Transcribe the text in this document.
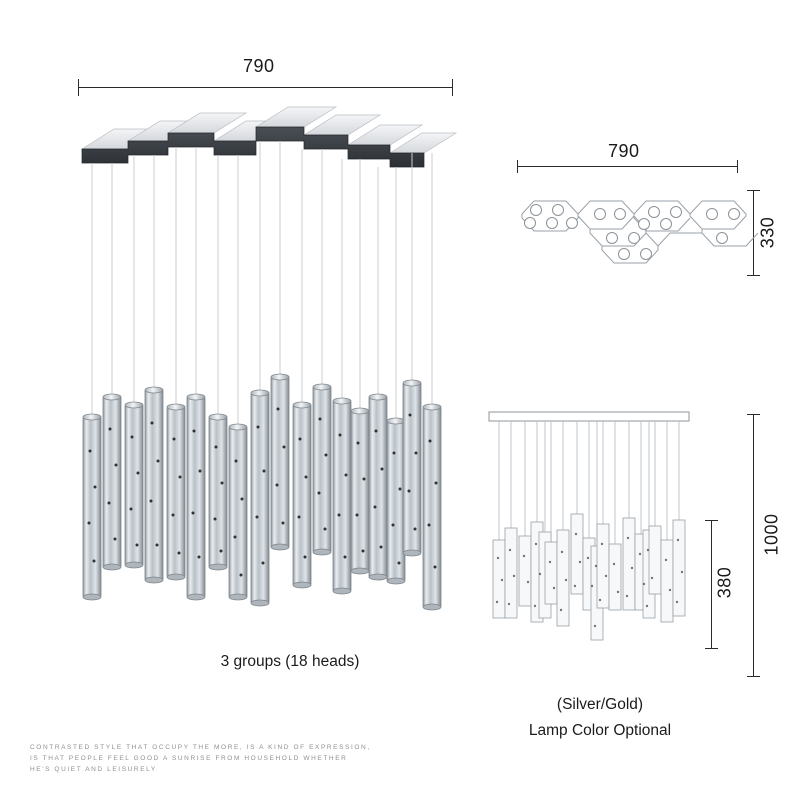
790
3 groups (18 heads)
790
330
380
1000
(Silver/Gold)
Lamp Color Optional
CONTRASTED STYLE THAT OCCUPY THE MORE, IS A KIND OF EXPRESSION,
IS THAT PEOPLE FEEL GOOD A SUNRISE FROM HOUSEHOLD WHETHER
HE'S QUIET AND LEISURELY
